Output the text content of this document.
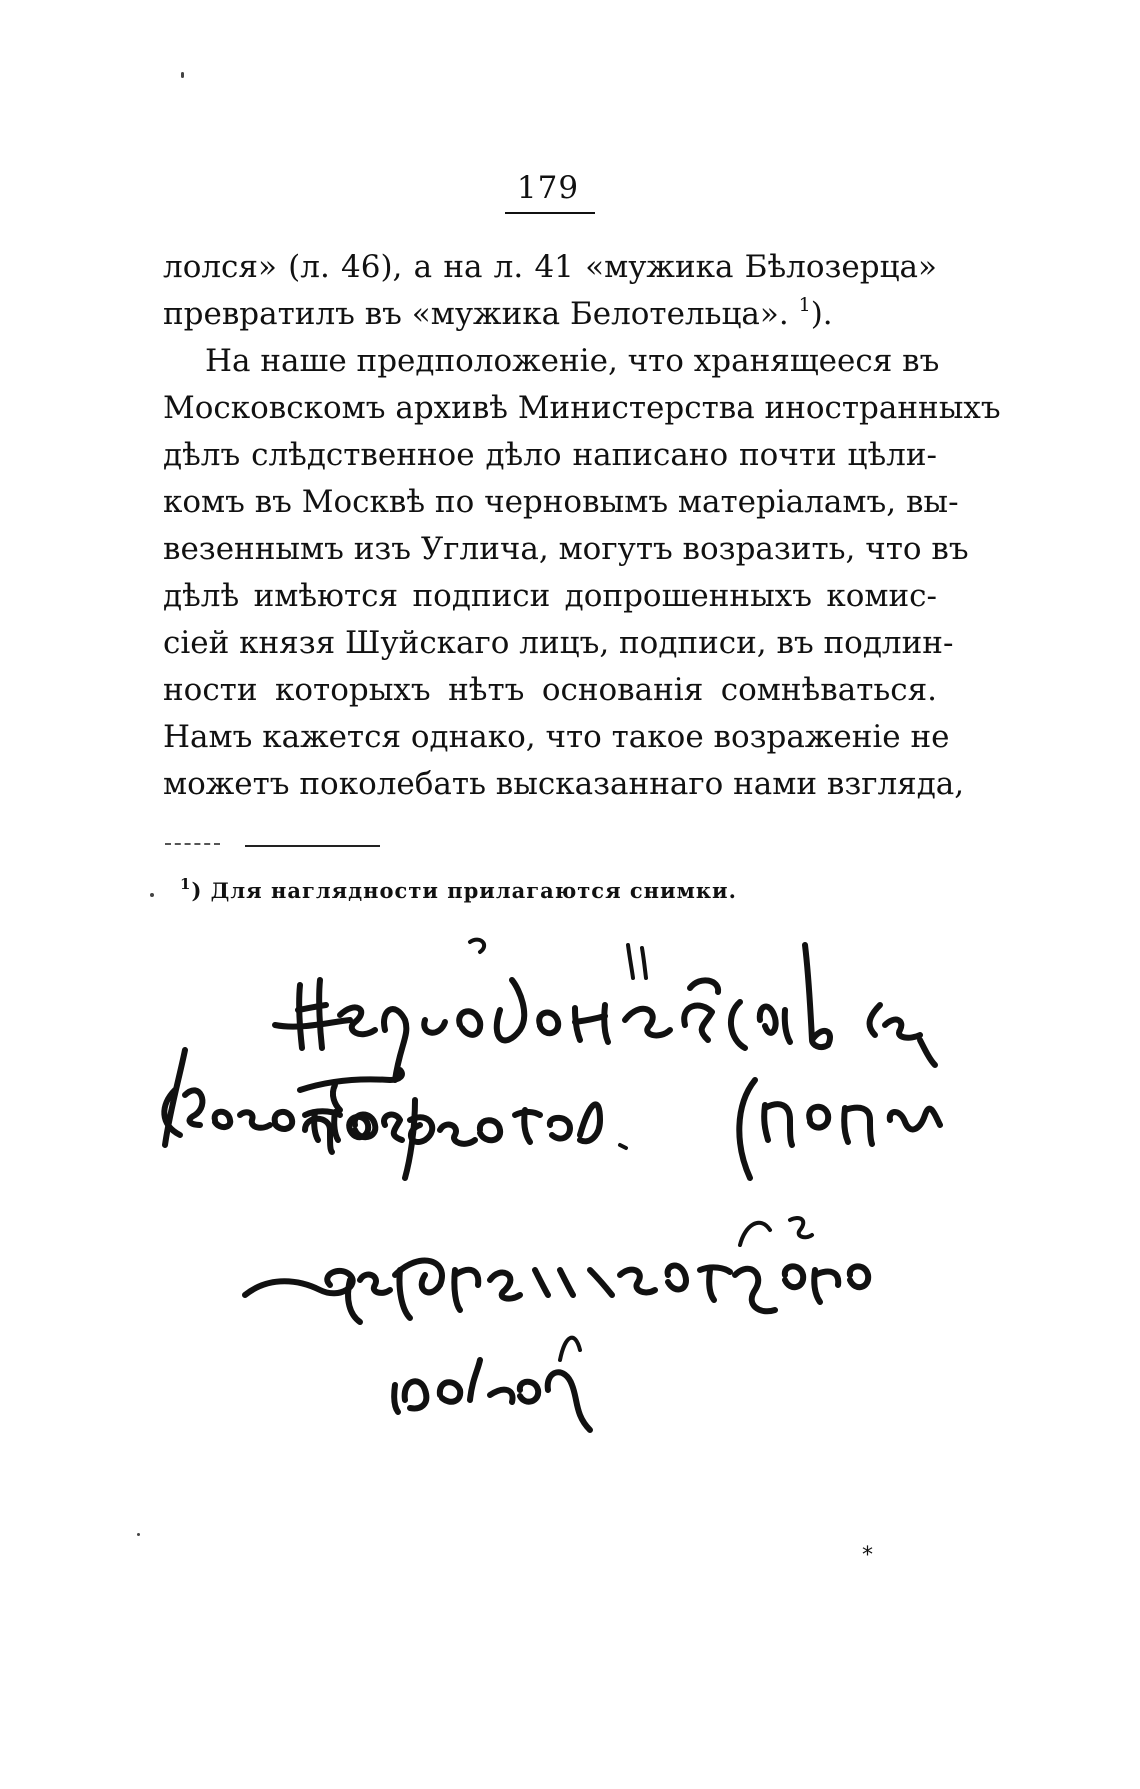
179
лолся» (л. 46), а на л. 41 «мужика Бѣлозерца»
превратилъ въ «мужика Белотельца». $^1$).
На наше предположеніе, что хранящееся въ
Московскомъ архивѣ Министерства иностранныхъ
дѣлъ слѣдственное дѣло написано почти цѣли-
комъ въ Москвѣ по черновымъ матеріаламъ, вы-
везеннымъ изъ Углича, могутъ возразить, что въ
дѣлѣ имѣются подписи допрошенныхъ комис-
сіей князя Шуйскаго лицъ, подписи, въ подлин-
ности которыхъ нѣтъ основанія сомнѣваться.
Намъ кажется однако, что такое возраженіе не
можетъ поколебать высказаннаго нами взгляда,
$^1$) Для наглядности прилагаются снимки.
*
